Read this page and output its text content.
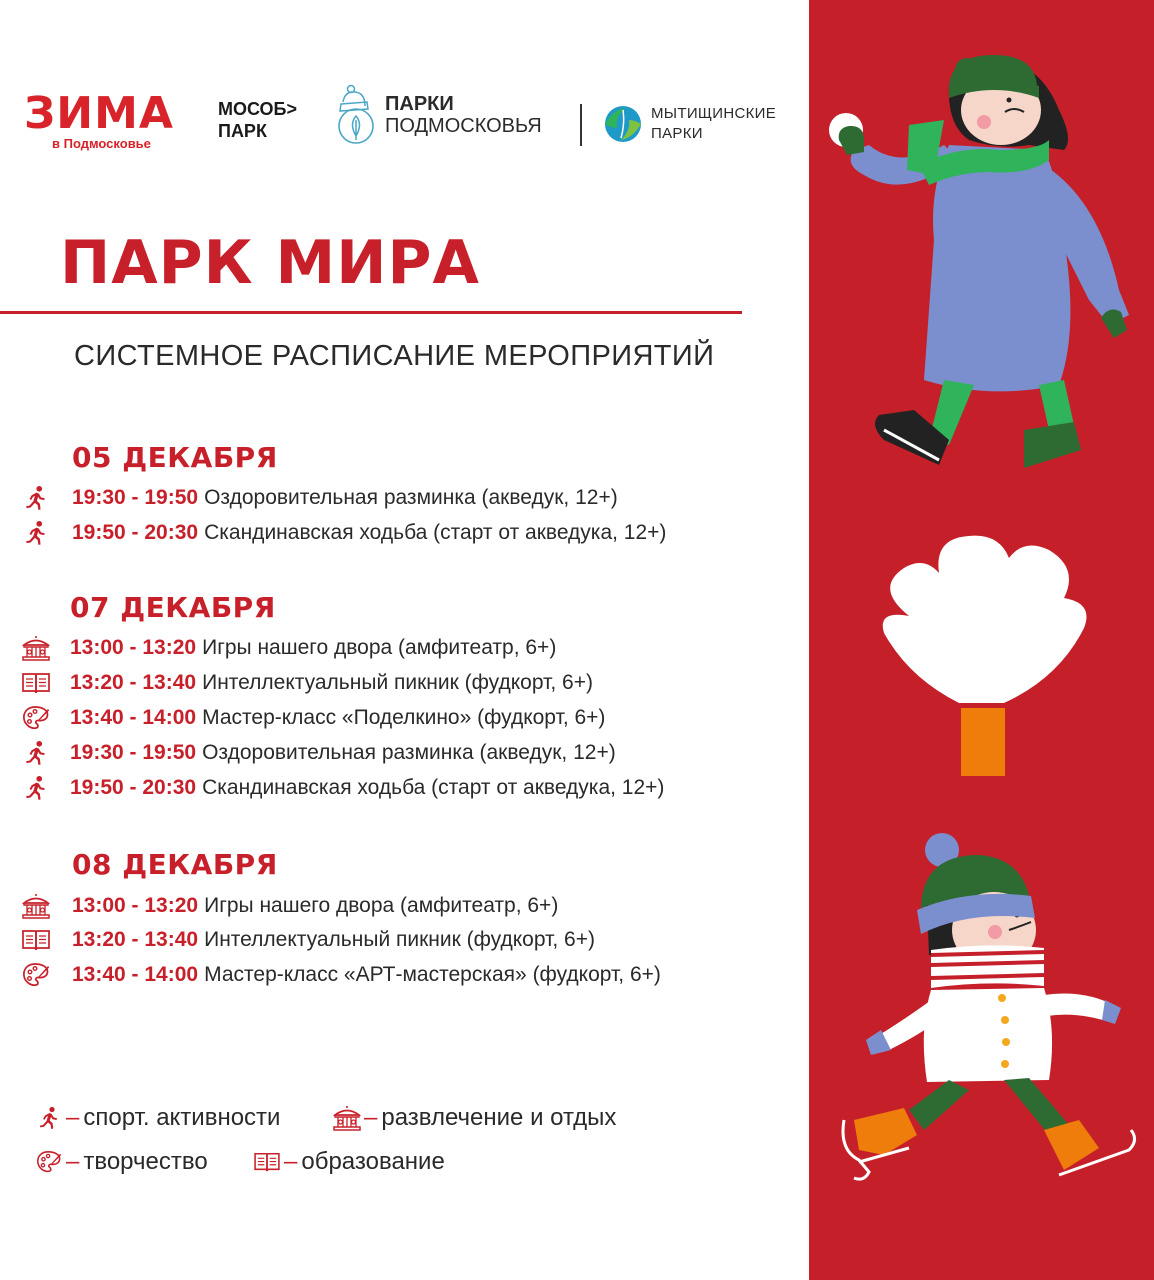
ЗИМА
в Подмосковье
МОСОБ>
ПАРК
ПАРКИ
ПОДМОСКОВЬЯ
МЫТИЩИНСКИЕ
ПАРКИ
ПАРК МИРА
СИСТЕМНОЕ РАСПИСАНИЕ МЕРОПРИЯТИЙ
05 ДЕКАБРЯ
19:30 - 19:50 Оздоровительная разминка (акведук, 12+)
19:50 - 20:30 Скандинавская ходьба (старт от акведука, 12+)
07 ДЕКАБРЯ
13:00 - 13:20 Игры нашего двора (амфитеатр, 6+)
13:20 - 13:40 Интеллектуальный пикник (фудкорт, 6+)
13:40 - 14:00 Мастер-класс «Поделкино» (фудкорт, 6+)
19:30 - 19:50 Оздоровительная разминка (акведук, 12+)
19:50 - 20:30 Скандинавская ходьба (старт от акведука, 12+)
08 ДЕКАБРЯ
13:00 - 13:20 Игры нашего двора (амфитеатр, 6+)
13:20 - 13:40 Интеллектуальный пикник (фудкорт, 6+)
13:40 - 14:00 Мастер-класс «АРТ-мастерская» (фудкорт, 6+)
– спорт. активности	– развлечение и отдых
– творчество	– образование
